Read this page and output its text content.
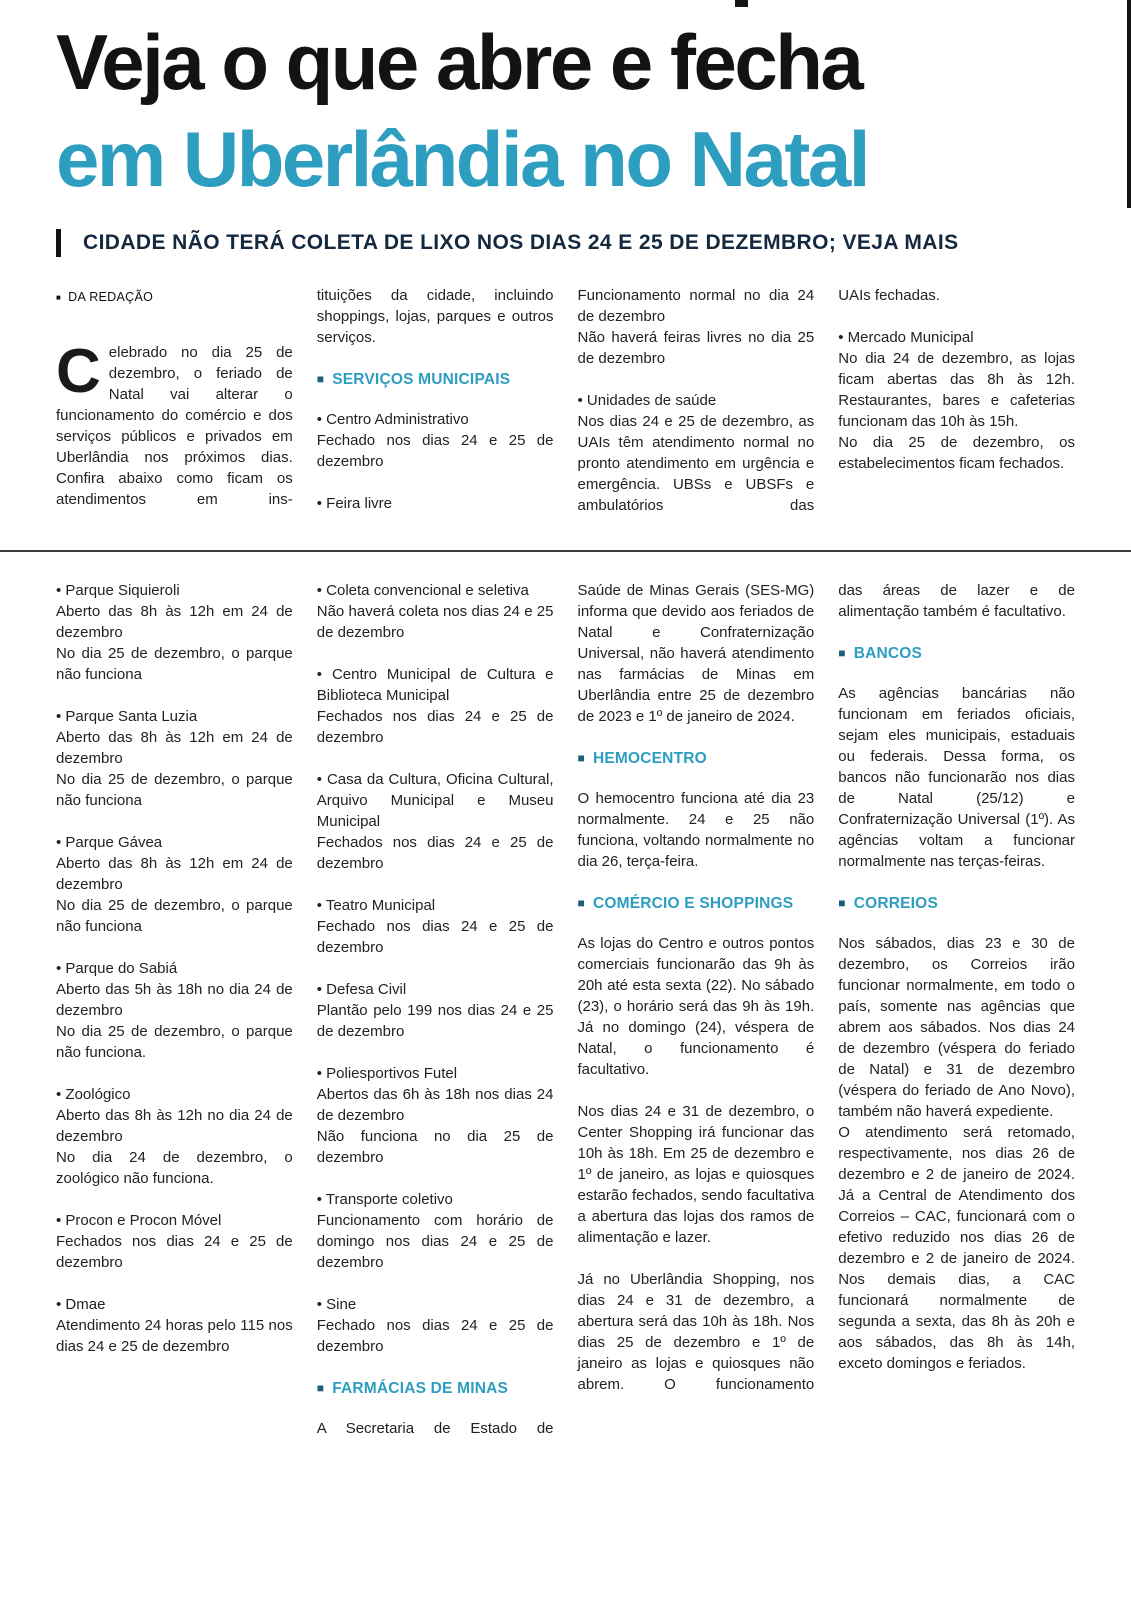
Veja o que abre e fecha
em Uberlândia no Natal
CIDADE NÃO TERÁ COLETA DE LIXO NOS DIAS 24 E 25 DE DEZEMBRO; VEJA MAIS
■ DA REDAÇÃO

Celebrado no dia 25 de dezembro, o feriado de Natal vai alterar o funcionamento do comércio e dos serviços públicos e privados em Uberlândia nos próximos dias. Confira abaixo como ficam os atendimentos em ins-

tituições da cidade, incluindo shoppings, lojas, parques e outros serviços.

■ SERVIÇOS MUNICIPAIS
• Centro Administrativo
Fechado nos dias 24 e 25 de dezembro
• Feira livre
Funcionamento normal no dia 24 de dezembro
Não haverá feiras livres no dia 25 de dezembro
• Unidades de saúde
Nos dias 24 e 25 de dezembro, as UAIs têm atendimento normal no pronto atendimento em urgência e emergência. UBSs e UBSFs e ambulatórios das

UAIs fechadas.

• Mercado Municipal
No dia 24 de dezembro, as lojas ficam abertas das 8h às 12h. Restaurantes, bares e cafeterias funcionam das 10h às 15h.
No dia 25 de dezembro, os estabelecimentos ficam fechados.
• Parque Siquieroli
Aberto das 8h às 12h em 24 de dezembro
No dia 25 de dezembro, o parque não funciona
• Parque Santa Luzia
Aberto das 8h às 12h em 24 de dezembro
No dia 25 de dezembro, o parque não funciona
• Parque Gávea
Aberto das 8h às 12h em 24 de dezembro
No dia 25 de dezembro, o parque não funciona
• Parque do Sabiá
Aberto das 5h às 18h no dia 24 de dezembro
No dia 25 de dezembro, o parque não funciona.
• Zoológico
Aberto das 8h às 12h no dia 24 de dezembro
No dia 24 de dezembro, o zoológico não funciona.
• Procon e Procon Móvel
Fechados nos dias 24 e 25 de dezembro
• Dmae
Atendimento 24 horas pelo 115 nos dias 24 e 25 de dezembro
• Coleta convencional e seletiva
Não haverá coleta nos dias 24 e 25 de dezembro
• Centro Municipal de Cultura e Biblioteca Municipal
Fechados nos dias 24 e 25 de dezembro
• Casa da Cultura, Oficina Cultural, Arquivo Municipal e Museu Municipal
Fechados nos dias 24 e 25 de dezembro
• Teatro Municipal
Fechado nos dias 24 e 25 de dezembro
• Defesa Civil
Plantão pelo 199 nos dias 24 e 25 de dezembro
• Poliesportivos Futel
Abertos das 6h às 18h nos dias 24 de dezembro
Não funciona no dia 25 de dezembro
• Transporte coletivo
Funcionamento com horário de domingo nos dias 24 e 25 de dezembro
• Sine
Fechado nos dias 24 e 25 de dezembro
■ FARMÁCIAS DE MINAS

A Secretaria de Estado de

Saúde de Minas Gerais (SES-MG) informa que devido aos feriados de Natal e Confraternização Universal, não haverá atendimento nas farmácias de Minas em Uberlândia entre 25 de dezembro de 2023 e 1º de janeiro de 2024.

■ HEMOCENTRO

O hemocentro funciona até dia 23 normalmente. 24 e 25 não funciona, voltando normalmente no dia 26, terça-feira.

■ COMÉRCIO E SHOPPINGS

As lojas do Centro e outros pontos comerciais funcionarão das 9h às 20h até esta sexta (22). No sábado (23), o horário será das 9h às 19h. Já no domingo (24), véspera de Natal, o funcionamento é facultativo.

Nos dias 24 e 31 de dezembro, o Center Shopping irá funcionar das 10h às 18h. Em 25 de dezembro e 1º de janeiro, as lojas e quiosques estarão fechados, sendo facultativa a abertura das lojas dos ramos de alimentação e lazer.

Já no Uberlândia Shopping, nos dias 24 e 31 de dezembro, a abertura será das 10h às 18h. Nos dias 25 de dezembro e 1º de janeiro as lojas e quiosques não abrem. O funcionamento

das áreas de lazer e de alimentação também é facultativo.

■ BANCOS

As agências bancárias não funcionam em feriados oficiais, sejam eles municipais, estaduais ou federais. Dessa forma, os bancos não funcionarão nos dias de Natal (25/12) e Confraternização Universal (1º). As agências voltam a funcionar normalmente nas terças-feiras.

■ CORREIOS
Nos sábados, dias 23 e 30 de dezembro, os Correios irão funcionar normalmente, em todo o país, somente nas agências que abrem aos sábados. Nos dias 24 de dezembro (véspera do feriado de Natal) e 31 de dezembro (véspera do feriado de Ano Novo), também não haverá expediente.
O atendimento será retomado, respectivamente, nos dias 26 de dezembro e 2 de janeiro de 2024. Já a Central de Atendimento dos Correios – CAC, funcionará com o efetivo reduzido nos dias 26 de dezembro e 2 de janeiro de 2024. Nos demais dias, a CAC funcionará normalmente de segunda a sexta, das 8h às 20h e aos sábados, das 8h às 14h, exceto domingos e feriados.
